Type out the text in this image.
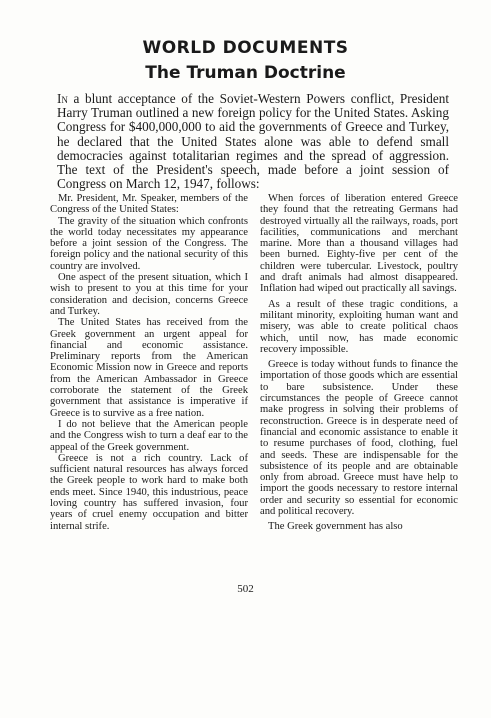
WORLD DOCUMENTS
The Truman Doctrine

In a blunt acceptance of the Soviet-Western Powers conflict, President Harry Truman outlined a new foreign policy for the United States. Asking Congress for $400,000,000 to aid the governments of Greece and Turkey, he declared that the United States alone was able to defend small democracies against totalitarian regimes and the spread of aggression. The text of the President's speech, made before a joint session of Congress on March 12, 1947, follows:

Mr. President, Mr. Speaker, members of the Congress of the United States:

The gravity of the situation which confronts the world today necessitates my appearance before a joint session of the Congress. The foreign policy and the national security of this country are involved.

One aspect of the present situation, which I wish to present to you at this time for your consideration and decision, concerns Greece and Turkey.

The United States has received from the Greek government an urgent appeal for financial and economic assistance. Preliminary reports from the American Economic Mission now in Greece and reports from the American Ambassador in Greece corroborate the statement of the Greek government that assistance is imperative if Greece is to survive as a free nation.

I do not believe that the American people and the Congress wish to turn a deaf ear to the appeal of the Greek government.

Greece is not a rich country. Lack of sufficient natural resources has always forced the Greek people to work hard to make both ends meet. Since 1940, this industrious, peace loving country has suffered invasion, four years of cruel enemy occupation and bitter internal strife.

When forces of liberation entered Greece they found that the retreating Germans had destroyed virtually all the railways, roads, port facilities, communications and merchant marine. More than a thousand villages had been burned. Eighty-five per cent of the children were tubercular. Livestock, poultry and draft animals had almost disappeared. Inflation had wiped out practically all savings.

As a result of these tragic conditions, a militant minority, exploiting human want and misery, was able to create political chaos which, until now, has made economic recovery impossible.

Greece is today without funds to finance the importation of those goods which are essential to bare subsistence. Under these circumstances the people of Greece cannot make progress in solving their problems of reconstruction. Greece is in desperate need of financial and economic assistance to enable it to resume purchases of food, clothing, fuel and seeds. These are indispensable for the subsistence of its people and are obtainable only from abroad. Greece must have help to import the goods necessary to restore internal order and security so essential for economic and political recovery.

The Greek government has also

502
